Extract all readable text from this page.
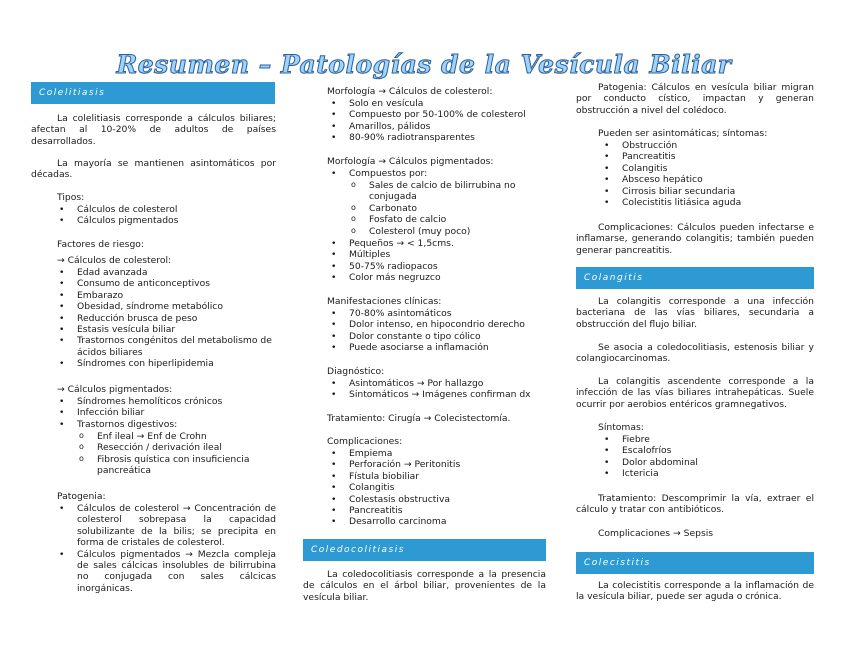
Resumen – Patologías de la Vesícula Biliar
Colelitiasis

La colelitiasis corresponde a cálculos biliares; afectan al 10-20% de adultos de países desarrollados.

La mayoría se mantienen asintomáticos por décadas.

Tipos:

• Cálculos de colesterol
• Cálculos pigmentados

Factores de riesgo:

→ Cálculos de colesterol:

• Edad avanzada
• Consumo de anticonceptivos
• Embarazo
• Obesidad, síndrome metabólico
• Reducción brusca de peso
• Estasis vesícula biliar
• Trastornos congénitos del metabolismo de ácidos biliares
• Síndromes con hiperlipidemia

→ Cálculos pigmentados:

• Síndromes hemolíticos crónicos
• Infección biliar
• Trastornos digestivos:
o Enf ileal → Enf de Crohn
o Resección / derivación ileal
o Fibrosis quística con insuficiencia pancreática

Patogenia:

• Cálculos de colesterol → Concentración de colesterol sobrepasa la capacidad solubilizante de la bilis; se precipita en forma de cristales de colesterol.
• Cálculos pigmentados → Mezcla compleja de sales cálcicas insolubles de bilirrubina no conjugada con sales cálcicas inorgánicas.

Morfología → Cálculos de colesterol:

• Solo en vesícula
• Compuesto por 50-100% de colesterol
• Amarillos, pálidos
• 80-90% radiotransparentes

Morfología → Cálculos pigmentados:

• Compuestos por:
o Sales de calcio de bilirrubina no conjugada
o Carbonato
o Fosfato de calcio
o Colesterol (muy poco)
• Pequeños → < 1,5cms.
• Múltiples
• 50-75% radiopacos
• Color más negruzco

Manifestaciones clínicas:

• 70-80% asintomáticos
• Dolor intenso, en hipocondrio derecho
• Dolor constante o tipo cólico
• Puede asociarse a inflamación

Diagnóstico:

• Asintomáticos → Por hallazgo
• Sintomáticos → Imágenes confirman dx

Tratamiento: Cirugía → Colecistectomía.

Complicaciones:

• Empiema
• Perforación → Peritonitis
• Fístula biobiliar
• Colangitis
• Colestasis obstructiva
• Pancreatitis
• Desarrollo carcinoma
Coledocolitiasis

La coledocolitiasis corresponde a la presencia de cálculos en el árbol biliar, provenientes de la vesícula biliar.

Patogenia: Cálculos en vesícula biliar migran por conducto cístico, impactan y generan obstrucción a nivel del colédoco.

Pueden ser asintomáticas; síntomas:

• Obstrucción
• Pancreatitis
• Colangitis
• Absceso hepático
• Cirrosis biliar secundaria
• Colecistitis litiásica aguda

Complicaciones: Cálculos pueden infectarse e inflamarse, generando colangitis; también pueden generar pancreatitis.

Colangitis

La colangitis corresponde a una infección bacteriana de las vías biliares, secundaria a obstrucción del flujo biliar.

Se asocia a coledocolitiasis, estenosis biliar y colangiocarcinomas.

La colangitis ascendente corresponde a la infección de las vías biliares intrahepáticas. Suele ocurrir por aerobios entéricos gramnegativos.

Síntomas:

• Fiebre
• Escalofríos
• Dolor abdominal
• Ictericia

Tratamiento: Descomprimir la vía, extraer el cálculo y tratar con antibióticos.

Complicaciones → Sepsis

Colecistitis

La colecistitis corresponde a la inflamación de la vesícula biliar, puede ser aguda o crónica.
